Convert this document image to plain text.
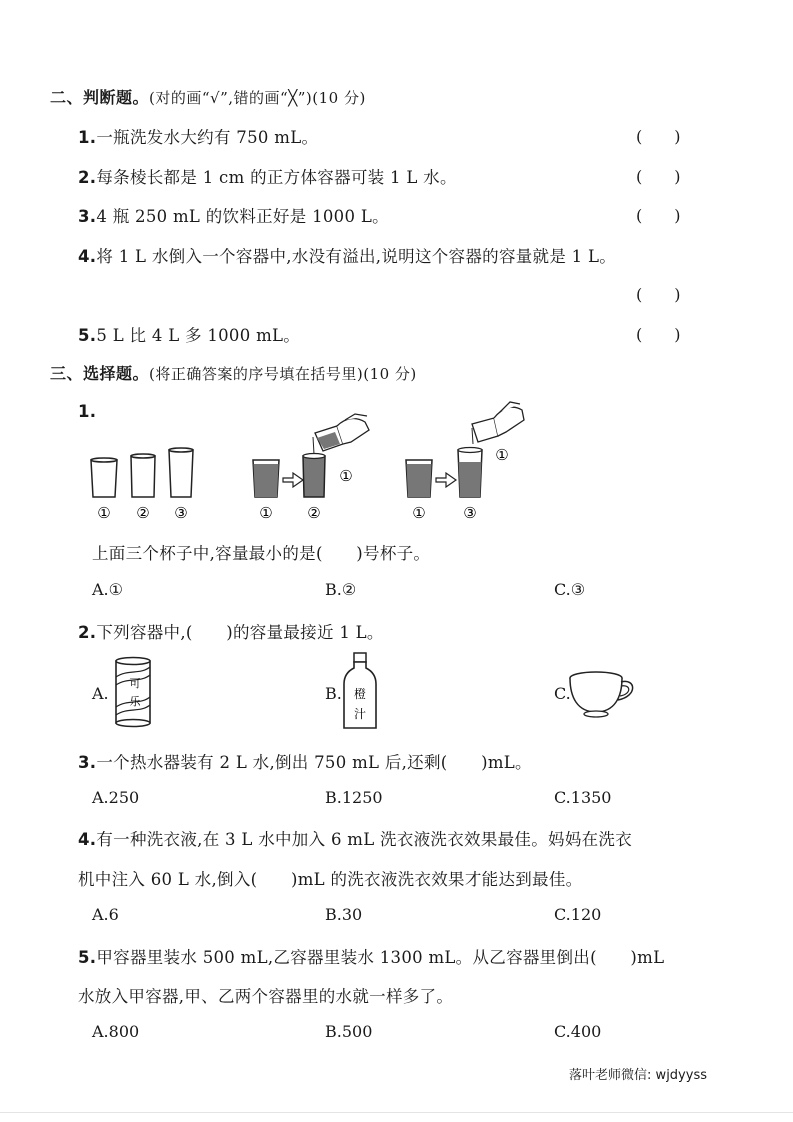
二、判断题。(对的画“√”,错的画“╳”)(10 分)
1.一瓶洗发水大约有 750 mL。	(　　)
2.每条棱长都是 1 cm 的正方体容器可装 1 L 水。	(　　)
3.4 瓶 250 mL 的饮料正好是 1000 L。	(　　)
4.将 1 L 水倒入一个容器中,水没有溢出,说明这个容器的容量就是 1 L。
(　　)
5.5 L 比 4 L 多 1000 mL。	(　　)
三、选择题。(将正确答案的序号填在括号里)(10 分)
1.
① ② ③
①
① ②
①
①	③
上面三个杯子中,容量最小的是(　　)号杯子。
A.①	B.②	C.③
2.下列容器中,(　　)的容量最接近 1 L。
A.
可
乐	B. 橙
汁
C.
3.一个热水器装有 2 L 水,倒出 750 mL 后,还剩(　　)mL。
A.250	B.1250	C.1350
4.有一种洗衣液,在 3 L 水中加入 6 mL 洗衣液洗衣效果最佳。妈妈在洗衣
机中注入 60 L 水,倒入(　　)mL 的洗衣液洗衣效果才能达到最佳。
A.6	B.30	C.120
5.甲容器里装水 500 mL,乙容器里装水 1300 mL。从乙容器里倒出(　　)mL
水放入甲容器,甲、乙两个容器里的水就一样多了。
A.800	B.500	C.400
落叶老师微信: wjdyyss
